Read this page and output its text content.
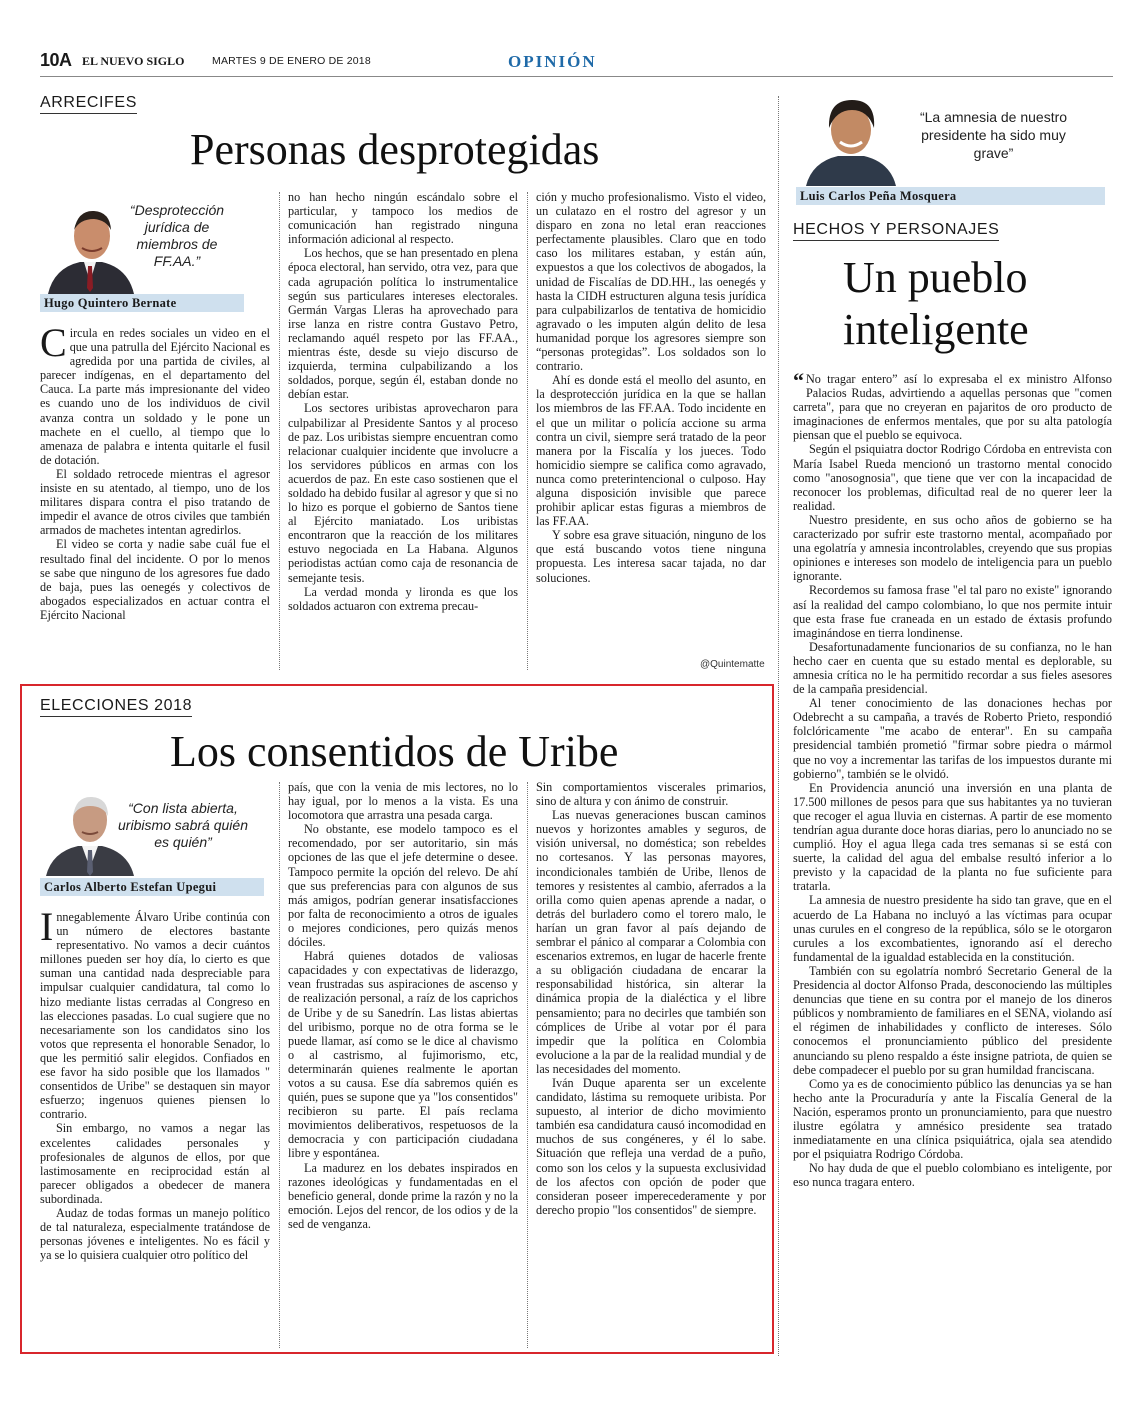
10A EL NUEVO SIGLO	MARTES 9 DE ENERO DE 2018	OPINIÓN
ARRECIFES
Personas desprotegidas
“Desprotección jurídica de miembros de FF.AA.”
Hugo Quintero Bernate

Circula en redes sociales un video en el que una patrulla del Ejército Nacional es agredida por una partida de civiles, al parecer indígenas, en el departamento del Cauca. La parte más impresionante del video es cuando uno de los individuos de civil avanza contra un soldado y le pone un machete en el cuello, al tiempo que lo amenaza de palabra e intenta quitarle el fusil de dotación.

El soldado retrocede mientras el agresor insiste en su atentado, al tiempo, uno de los militares dispara contra el piso tratando de impedir el avance de otros civiles que también armados de machetes intentan agredirlos.

El video se corta y nadie sabe cuál fue el resultado final del incidente. O por lo menos se sabe que ninguno de los agresores fue dado de baja, pues las oenegés y colectivos de abogados especializados en actuar contra el Ejército Nacional

no han hecho ningún escándalo sobre el particular, y tampoco los medios de comunicación han registrado ninguna información adicional al respecto.

Los hechos, que se han presentado en plena época electoral, han servido, otra vez, para que cada agrupación política lo instrumentalice según sus particulares intereses electorales. Germán Vargas Lleras ha aprovechado para irse lanza en ristre contra Gustavo Petro, reclamando aquél respeto por las FF.AA., mientras éste, desde su viejo discurso de izquierda, termina culpabilizando a los soldados, porque, según él, estaban donde no debían estar.

Los sectores uribistas aprovecharon para culpabilizar al Presidente Santos y al proceso de paz. Los uribistas siempre encuentran como relacionar cualquier incidente que involucre a los servidores públicos en armas con los acuerdos de paz. En este caso sostienen que el soldado ha debido fusilar al agresor y que si no lo hizo es porque el gobierno de Santos tiene al Ejército maniatado. Los uribistas encontraron que la reacción de los militares estuvo negociada en La Habana. Algunos periodistas actúan como caja de resonancia de semejante tesis.

La verdad monda y lironda es que los soldados actuaron con extrema precau-

ción y mucho profesionalismo. Visto el video, un culatazo en el rostro del agresor y un disparo en zona no letal eran reacciones perfectamente plausibles. Claro que en todo caso los militares estaban, y están aún, expuestos a que los colectivos de abogados, la unidad de Fiscalías de DD.HH., las oenegés y hasta la CIDH estructuren alguna tesis jurídica para culpabilizarlos de tentativa de homicidio agravado o les imputen algún delito de lesa humanidad porque los agresores siempre son “personas protegidas”. Los soldados son lo contrario.

Ahí es donde está el meollo del asunto, en la desprotección jurídica en la que se hallan los miembros de las FF.AA. Todo incidente en el que un militar o policía accione su arma contra un civil, siempre será tratado de la peor manera por la Fiscalía y los jueces. Todo homicidio siempre se califica como agravado, nunca como preterintencional o culposo. Hay alguna disposición invisible que parece prohibir aplicar estas figuras a miembros de las FF.AA.

Y sobre esa grave situación, ninguno de los que está buscando votos tiene ninguna propuesta. Les interesa sacar tajada, no dar soluciones.

@Quintematte
ELECCIONES 2018
Los consentidos de Uribe
“Con lista abierta, uribismo sabrá quién es quién”
Carlos Alberto Estefan Upegui

Innegablemente Álvaro Uribe continúa con un número de electores bastante representativo. No vamos a decir cuántos millones pueden ser hoy día, lo cierto es que suman una cantidad nada despreciable para impulsar cualquier candidatura, tal como lo hizo mediante listas cerradas al Congreso en las elecciones pasadas. Lo cual sugiere que no necesariamente son los candidatos sino los votos que representa el honorable Senador, lo que les permitió salir elegidos. Confiados en ese favor ha sido posible que los llamados " consentidos de Uribe" se destaquen sin mayor esfuerzo; ingenuos quienes piensen lo contrario.

Sin embargo, no vamos a negar las excelentes calidades personales y profesionales de algunos de ellos, por que lastimosamente en reciprocidad están al parecer obligados a obedecer de manera subordinada.

Audaz de todas formas un manejo político de tal naturaleza, especialmente tratándose de personas jóvenes e inteligentes. No es fácil y ya se lo quisiera cualquier otro político del

país, que con la venia de mis lectores, no lo hay igual, por lo menos a la vista. Es una locomotora que arrastra una pesada carga.

No obstante, ese modelo tampoco es el recomendado, por ser autoritario, sin más opciones de las que el jefe determine o desee. Tampoco permite la opción del relevo. De ahí que sus preferencias para con algunos de sus más amigos, podrían generar insatisfacciones por falta de reconocimiento a otros de iguales o mejores condiciones, pero quizás menos dóciles.

Habrá quienes dotados de valiosas capacidades y con expectativas de liderazgo, vean frustradas sus aspiraciones de ascenso y de realización personal, a raíz de los caprichos de Uribe y de su Sanedrín. Las listas abiertas del uribismo, porque no de otra forma se le puede llamar, así como se le dice al chavismo o al castrismo, al fujimorismo, etc, determinarán quienes realmente le aportan votos a su causa. Ese día sabremos quién es quién, pues se supone que ya "los consentidos" recibieron su parte. El país reclama movimientos deliberativos, respetuosos de la democracia y con participación ciudadana libre y espontánea.

La madurez en los debates inspirados en razones ideológicas y fundamentadas en el beneficio general, donde prime la razón y no la emoción. Lejos del rencor, de los odios y de la sed de venganza.

Sin comportamientos viscerales primarios, sino de altura y con ánimo de construir.

Las nuevas generaciones buscan caminos nuevos y horizontes amables y seguros, de visión universal, no doméstica; son rebeldes no cortesanos. Y las personas mayores, incondicionales también de Uribe, llenos de temores y resistentes al cambio, aferrados a la orilla como quien apenas aprende a nadar, o detrás del burladero como el torero malo, le harían un gran favor al país dejando de sembrar el pánico al comparar a Colombia con escenarios extremos, en lugar de hacerle frente a su obligación ciudadana de encarar la responsabilidad histórica, sin alterar la dinámica propia de la dialéctica y el libre pensamiento; para no decirles que también son cómplices de Uribe al votar por él para impedir que la política en Colombia evolucione a la par de la realidad mundial y de las necesidades del momento.

Iván Duque aparenta ser un excelente candidato, lástima su remoquete uribista. Por supuesto, al interior de dicho movimiento también esa candidatura causó incomodidad en muchos de sus congéneres, y él lo sabe. Situación que refleja una verdad de a puño, como son los celos y la supuesta exclusividad de los afectos con opción de poder que consideran poseer imperecederamente y por derecho propio "los consentidos" de siempre.

“La amnesia de nuestro presidente ha sido muy grave”
Luis Carlos Peña Mosquera
HECHOS Y PERSONAJES
Un pueblo
inteligente

“ No tragar entero” así lo expresaba el ex ministro Alfonso Palacios Rudas, advirtiendo a aquellas personas que "comen carreta", para que no creyeran en pajaritos de oro producto de imaginaciones de enfermos mentales, que por su alta patología piensan que el pueblo se equivoca.

Según el psiquiatra doctor Rodrigo Córdoba en entrevista con María Isabel Rueda mencionó un trastorno mental conocido como "anosognosia", que tiene que ver con la incapacidad de reconocer los problemas, dificultad real de no querer leer la realidad.

Nuestro presidente, en sus ocho años de gobierno se ha caracterizado por sufrir este trastorno mental, acompañado por una egolatría y amnesia incontrolables, creyendo que sus propias opiniones e intereses son modelo de inteligencia para un pueblo ignorante.

Recordemos su famosa frase "el tal paro no existe" ignorando así la realidad del campo colombiano, lo que nos permite intuir que esta frase fue craneada en un estado de éxtasis profundo imaginándose en tierra londinense.

Desafortunadamente funcionarios de su confianza, no le han hecho caer en cuenta que su estado mental es deplorable, su amnesia crítica no le ha permitido recordar a sus fieles asesores de la campaña presidencial.

Al tener conocimiento de las donaciones hechas por Odebrecht a su campaña, a través de Roberto Prieto, respondió folclóricamente "me acabo de enterar". En su campaña presidencial también prometió "firmar sobre piedra o mármol que no voy a incrementar las tarifas de los impuestos durante mi gobierno", también se le olvidó.

En Providencia anunció una inversión en una planta de 17.500 millones de pesos para que sus habitantes ya no tuvieran que recoger el agua lluvia en cisternas. A partir de ese momento tendrían agua durante doce horas diarias, pero lo anunciado no se cumplió. Hoy el agua llega cada tres semanas si se está con suerte, la calidad del agua del embalse resultó inferior a lo previsto y la capacidad de la planta no fue suficiente para tratarla.

La amnesia de nuestro presidente ha sido tan grave, que en el acuerdo de La Habana no incluyó a las víctimas para ocupar unas curules en el congreso de la república, sólo se le otorgaron curules a los excombatientes, ignorando así el derecho fundamental de la igualdad establecida en la constitución.

También con su egolatría nombró Secretario General de la Presidencia al doctor Alfonso Prada, desconociendo las múltiples denuncias que tiene en su contra por el manejo de los dineros públicos y nombramiento de familiares en el SENA, violando así el régimen de inhabilidades y conflicto de intereses. Sólo conocemos el pronunciamiento público del presidente anunciando su pleno respaldo a éste insigne patriota, de quien se debe compadecer el pueblo por su gran humildad franciscana.

Como ya es de conocimiento público las denuncias ya se han hecho ante la Procuraduría y ante la Fiscalía General de la Nación, esperamos pronto un pronunciamiento, para que nuestro ilustre ególatra y amnésico presidente sea tratado inmediatamente en una clínica psiquiátrica, ojala sea atendido por el psiquiatra Rodrigo Córdoba.

No hay duda de que el pueblo colombiano es inteligente, por eso nunca tragara entero.
